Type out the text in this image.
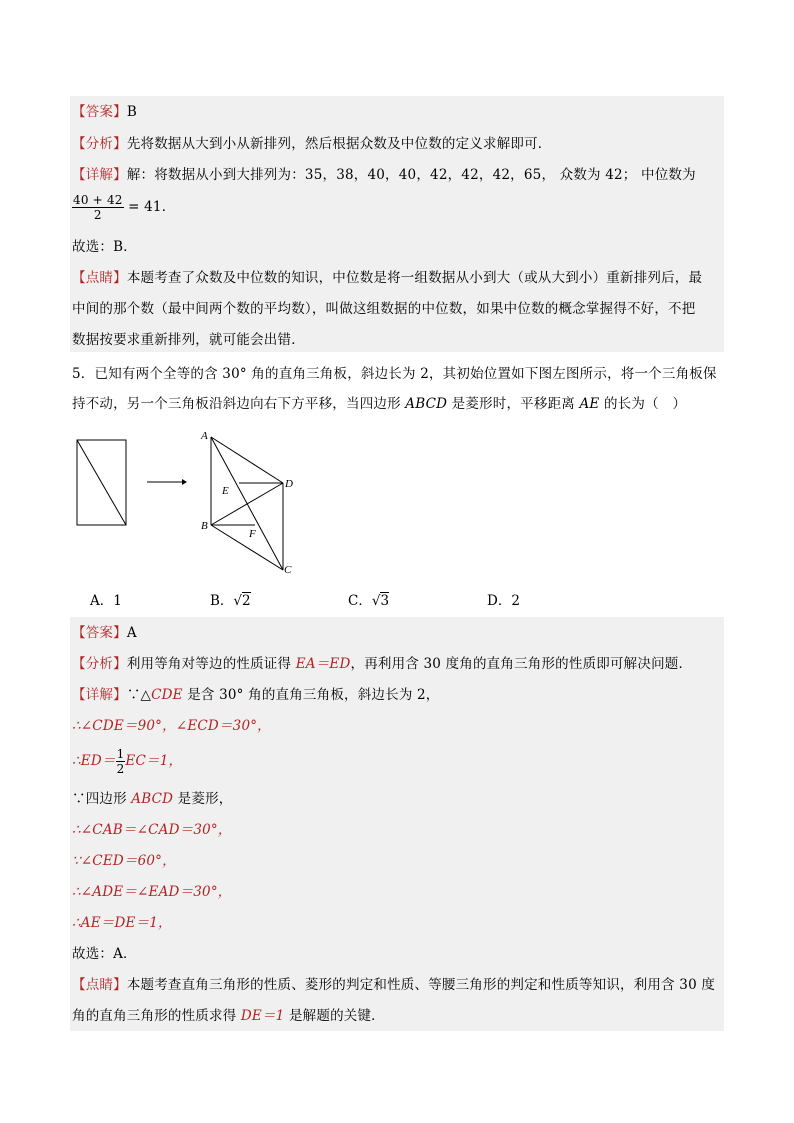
【答案】B
【分析】先将数据从大到小从新排列，然后根据众数及中位数的定义求解即可．
【详解】解：将数据从小到大排列为：35，38，40，40，42，42，42，65， 众数为 42； 中位数为
$\frac{40 + 42}{2} = 41$．
故选：B．
【点睛】本题考查了众数及中位数的知识，中位数是将一组数据从小到大（或从大到小）重新排列后，最
中间的那个数（最中间两个数的平均数），叫做这组数据的中位数，如果中位数的概念掌握得不好，不把
数据按要求重新排列，就可能会出错．
5．已知有两个全等的含 30° 角的直角三角板，斜边长为 2，其初始位置如下图左图所示，将一个三角板保
持不动，另一个三角板沿斜边向右下方平移，当四边形 ABCD 是菱形时，平移距离 AE 的长为（　）
A
E
D
B
F
C
A．1	B．√2	C．√3	D．2
【答案】A
【分析】利用等角对等边的性质证得 EA＝ED，再利用含 30 度角的直角三角形的性质即可解决问题．
【详解】∵△CDE 是含 30° 角的直角三角板，斜边长为 2，
∴∠CDE＝90°，∠ECD＝30°，
∴ED＝ $\frac{1}{2} EC=1$，
∵四边形 ABCD 是菱形，
∴∠CAB＝∠CAD＝30°，
∵∠CED＝60°，
∴∠ADE＝∠EAD＝30°，
∴AE＝DE＝1，
故选：A．
【点睛】本题考查直角三角形的性质、菱形的判定和性质、等腰三角形的判定和性质等知识，利用含 30 度
角的直角三角形的性质求得 DE＝1 是解题的关键．
